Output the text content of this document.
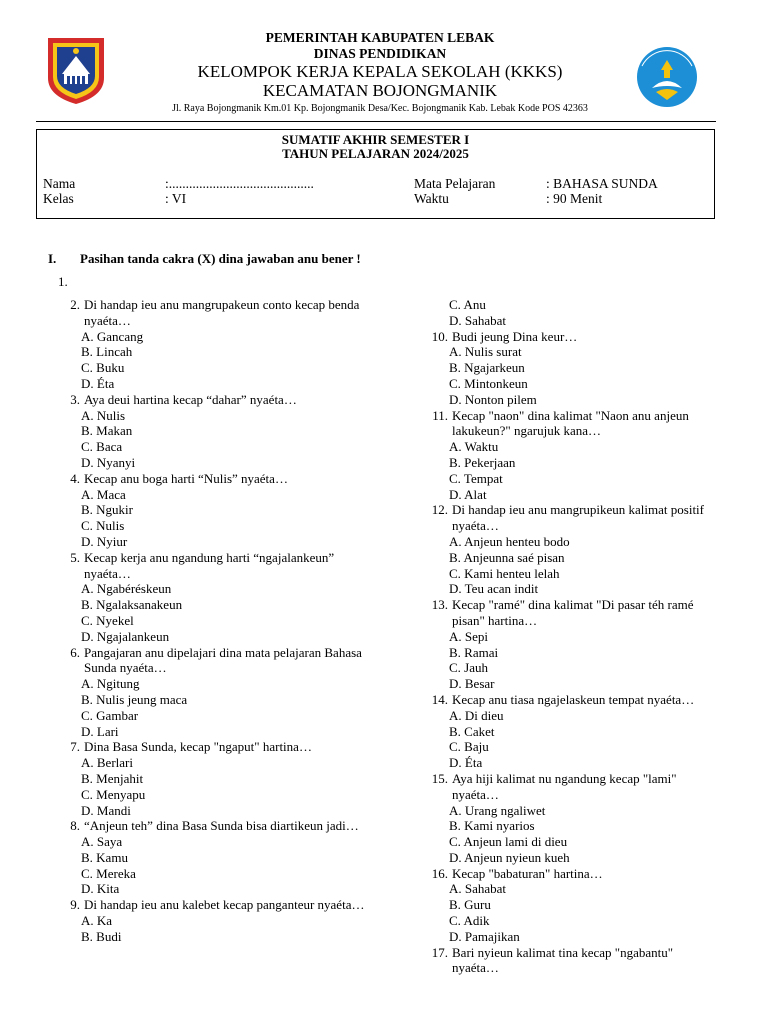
PEMERINTAH KABUPATEN LEBAK
DINAS PENDIDIKAN
KELOMPOK KERJA KEPALA SEKOLAH (KKKS)
KECAMATAN BOJONGMANIK
Jl. Raya Bojongmanik Km.01 Kp. Bojongmanik Desa/Kec. Bojongmanik Kab. Lebak Kode POS 42363
SUMATIF AKHIR SEMESTER I
TAHUN PELAJARAN 2024/2025
Nama	:...........................................
Kelas	: VI
Mata Pelajaran	: BAHASA SUNDA
Waktu	: 90 Menit
I. Pasihan tanda cakra (X) dina jawaban anu bener !
1.
2. Di handap ieu anu mangrupakeun conto kecap benda nyaéta…
A. Gancang
B. Lincah
C. Buku
D. Éta
3. Aya deui hartina kecap “dahar” nyaéta…
A. Nulis
B. Makan
C. Baca
D. Nyanyi
4. Kecap anu boga harti “Nulis” nyaéta…
A. Maca
B. Ngukir
C. Nulis
D. Nyiur
5. Kecap kerja anu ngandung harti “ngajalankeun” nyaéta…
A. Ngabéréskeun
B. Ngalaksanakeun
C. Nyekel
D. Ngajalankeun
6. Pangajaran anu dipelajari dina mata pelajaran Bahasa Sunda nyaéta…
A. Ngitung
B. Nulis jeung maca
C. Gambar
D. Lari
7. Dina Basa Sunda, kecap "ngaput" hartina…
A. Berlari
B. Menjahit
C. Menyapu
D. Mandi
8. “Anjeun teh” dina Basa Sunda bisa diartikeun jadi…
A. Saya
B. Kamu
C. Mereka
D. Kita
9. Di handap ieu anu kalebet kecap panganteur nyaéta…
A. Ka
B. Budi
C. Anu
D. Sahabat
10. Budi jeung Dina keur…
A. Nulis surat
B. Ngajarkeun
C. Mintonkeun
D. Nonton pilem
11. Kecap "naon" dina kalimat "Naon anu anjeun lakukeun?" ngarujuk kana…
A. Waktu
B. Pekerjaan
C. Tempat
D. Alat
12. Di handap ieu anu mangrupikeun kalimat positif nyaéta…
A. Anjeun henteu bodo
B. Anjeunna saé pisan
C. Kami henteu lelah
D. Teu acan indit
13. Kecap "ramé" dina kalimat "Di pasar téh ramé pisan" hartina…
A. Sepi
B. Ramai
C. Jauh
D. Besar
14. Kecap anu tiasa ngajelaskeun tempat nyaéta…
A. Di dieu
B. Caket
C. Baju
D. Éta
15. Aya hiji kalimat nu ngandung kecap "lami" nyaéta…
A. Urang ngaliwet
B. Kami nyarios
C. Anjeun lami di dieu
D. Anjeun nyieun kueh
16. Kecap "babaturan" hartina…
A. Sahabat
B. Guru
C. Adik
D. Pamajikan
17. Bari nyieun kalimat tina kecap "ngabantu" nyaéta…
